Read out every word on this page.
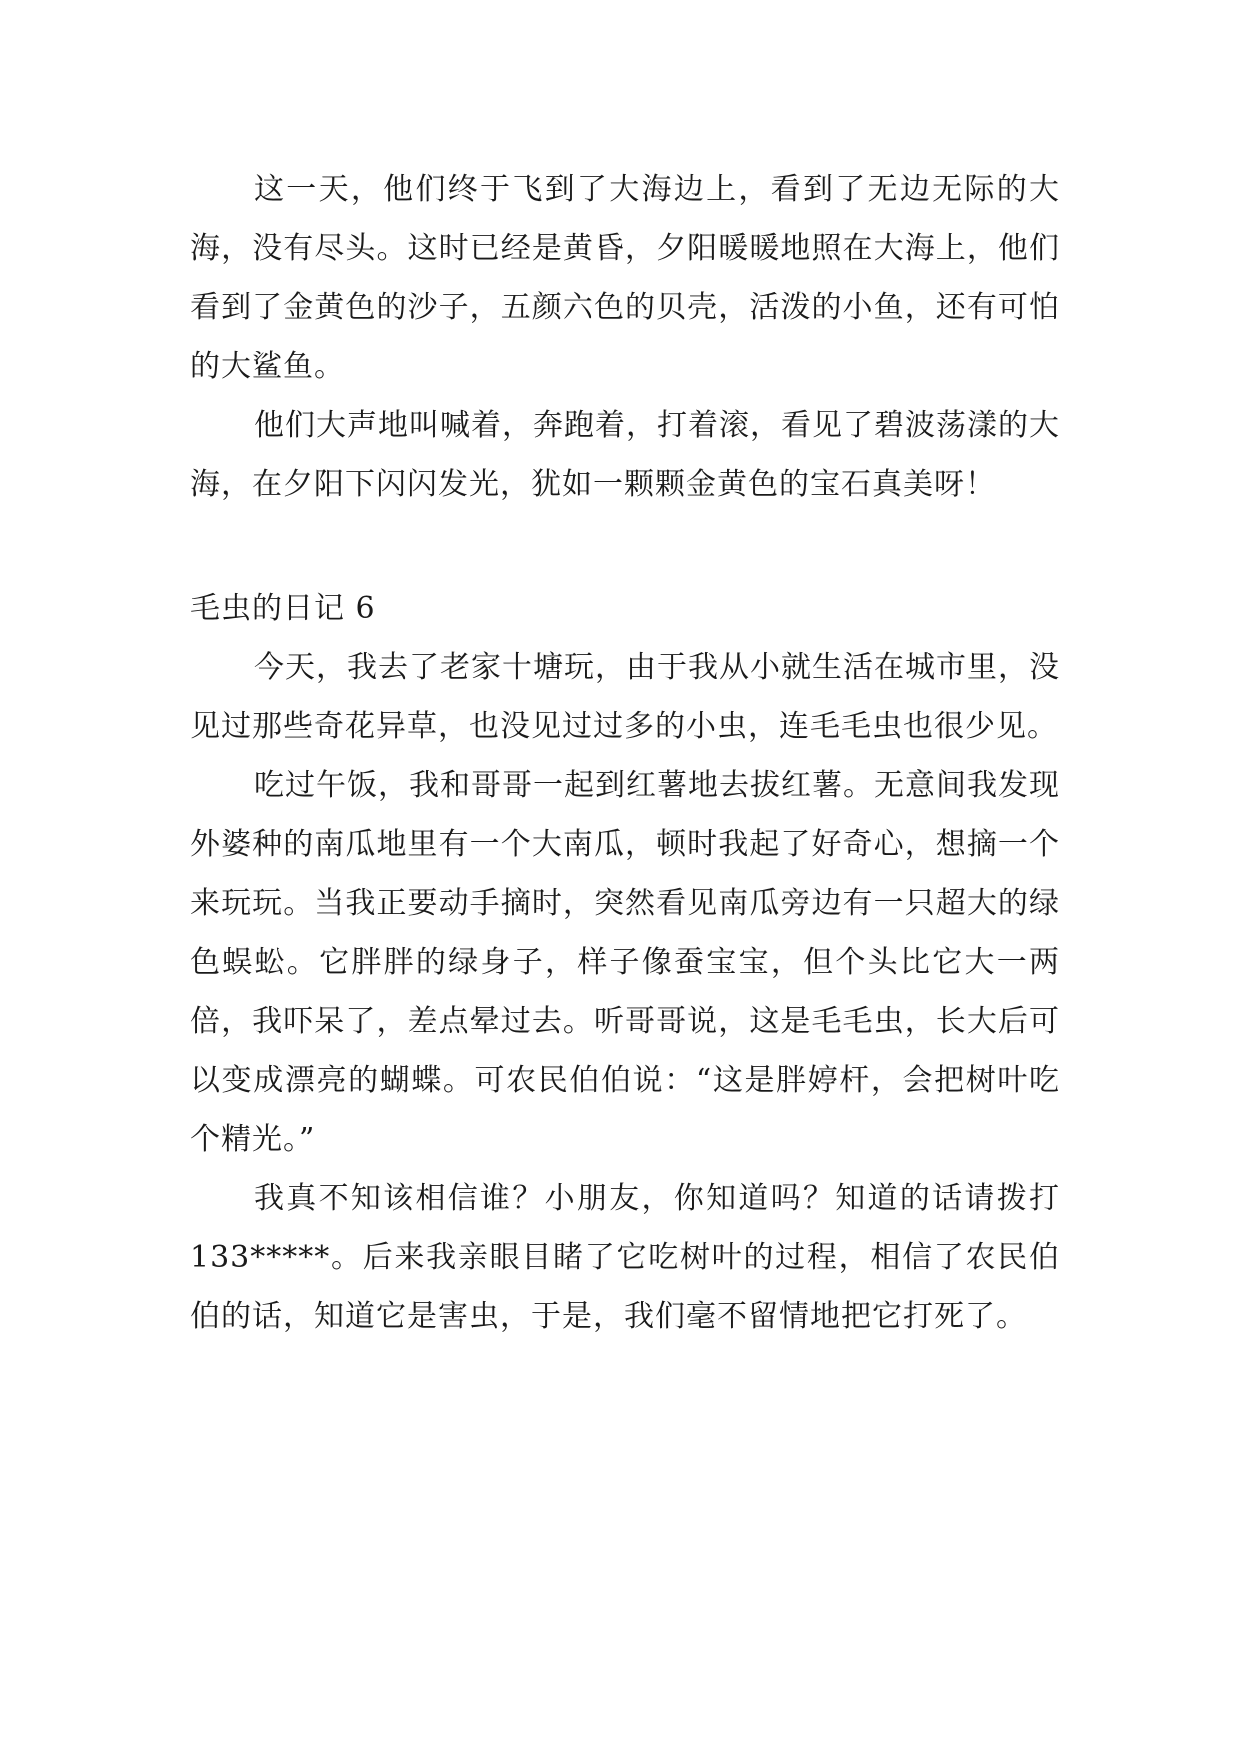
这一天，他们终于飞到了大海边上，看到了无边无际的大海，没有尽头。这时已经是黄昏，夕阳暖暖地照在大海上，他们看到了金黄色的沙子，五颜六色的贝壳，活泼的小鱼，还有可怕的大鲨鱼。

他们大声地叫喊着，奔跑着，打着滚，看见了碧波荡漾的大海，在夕阳下闪闪发光，犹如一颗颗金黄色的宝石真美呀！

毛虫的日记 6

今天，我去了老家十塘玩，由于我从小就生活在城市里，没见过那些奇花异草，也没见过过多的小虫，连毛毛虫也很少见。

吃过午饭，我和哥哥一起到红薯地去拔红薯。无意间我发现外婆种的南瓜地里有一个大南瓜，顿时我起了好奇心，想摘一个来玩玩。当我正要动手摘时，突然看见南瓜旁边有一只超大的绿色蜈蚣。它胖胖的绿身子，样子像蚕宝宝，但个头比它大一两倍，我吓呆了，差点晕过去。听哥哥说，这是毛毛虫，长大后可以变成漂亮的蝴蝶。可农民伯伯说：“这是胖婷杆，会把树叶吃个精光。”

我真不知该相信谁？小朋友，你知道吗？知道的话请拨打 133*****。后来我亲眼目睹了它吃树叶的过程，相信了农民伯伯的话，知道它是害虫，于是，我们毫不留情地把它打死了。
